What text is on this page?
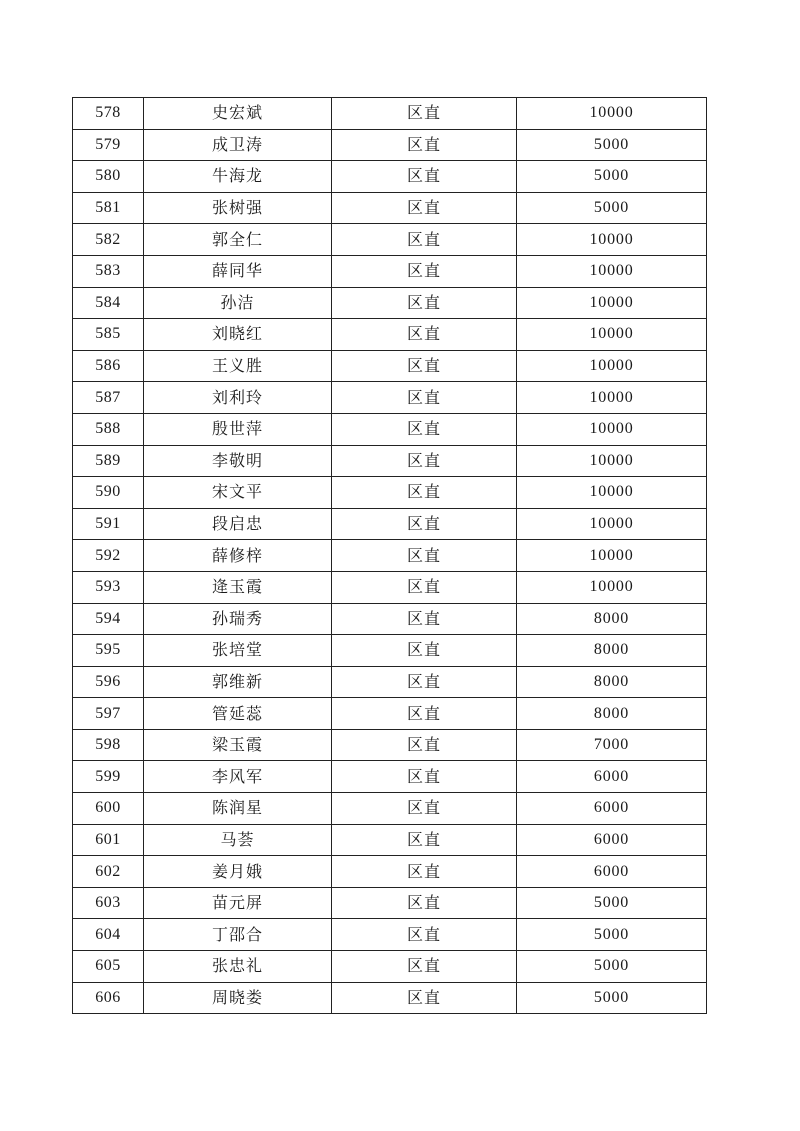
578	史宏斌	区直	10000
579	成卫涛	区直	5000
580	牛海龙	区直	5000
581	张树强	区直	5000
582	郭全仁	区直	10000
583	薛同华	区直	10000
584	孙洁	区直	10000
585	刘晓红	区直	10000
586	王义胜	区直	10000
587	刘利玲	区直	10000
588	殷世萍	区直	10000
589	李敬明	区直	10000
590	宋文平	区直	10000
591	段启忠	区直	10000
592	薛修梓	区直	10000
593	逄玉霞	区直	10000
594	孙瑞秀	区直	8000
595	张培堂	区直	8000
596	郭维新	区直	8000
597	管延蕊	区直	8000
598	梁玉霞	区直	7000
599	李风军	区直	6000
600	陈润星	区直	6000
601	马荟	区直	6000
602	姜月娥	区直	6000
603	苗元屏	区直	5000
604	丁邵合	区直	5000
605	张忠礼	区直	5000
606	周晓娄	区直	5000
